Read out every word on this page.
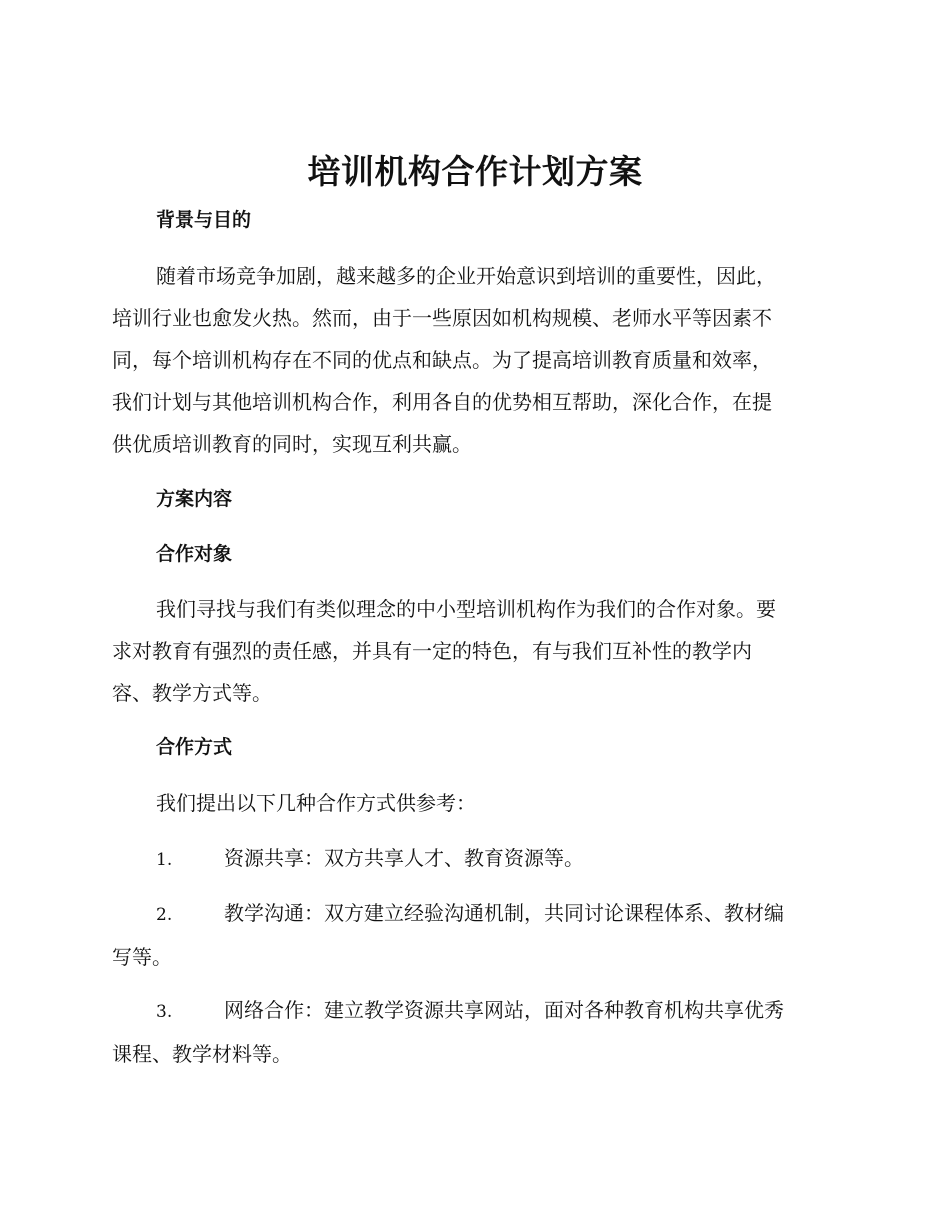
培训机构合作计划方案
背景与目的
随着市场竞争加剧，越来越多的企业开始意识到培训的重要性，因此，
培训行业也愈发火热。然而，由于一些原因如机构规模、老师水平等因素不
同，每个培训机构存在不同的优点和缺点。为了提高培训教育质量和效率，
我们计划与其他培训机构合作，利用各自的优势相互帮助，深化合作，在提
供优质培训教育的同时，实现互利共赢。
方案内容
合作对象
我们寻找与我们有类似理念的中小型培训机构作为我们的合作对象。要
求对教育有强烈的责任感，并具有一定的特色，有与我们互补性的教学内
容、教学方式等。
合作方式
我们提出以下几种合作方式供参考：
1.	资源共享：双方共享人才、教育资源等。
2.	教学沟通：双方建立经验沟通机制，共同讨论课程体系、教材编
写等。
3.	网络合作：建立教学资源共享网站，面对各种教育机构共享优秀
课程、教学材料等。
